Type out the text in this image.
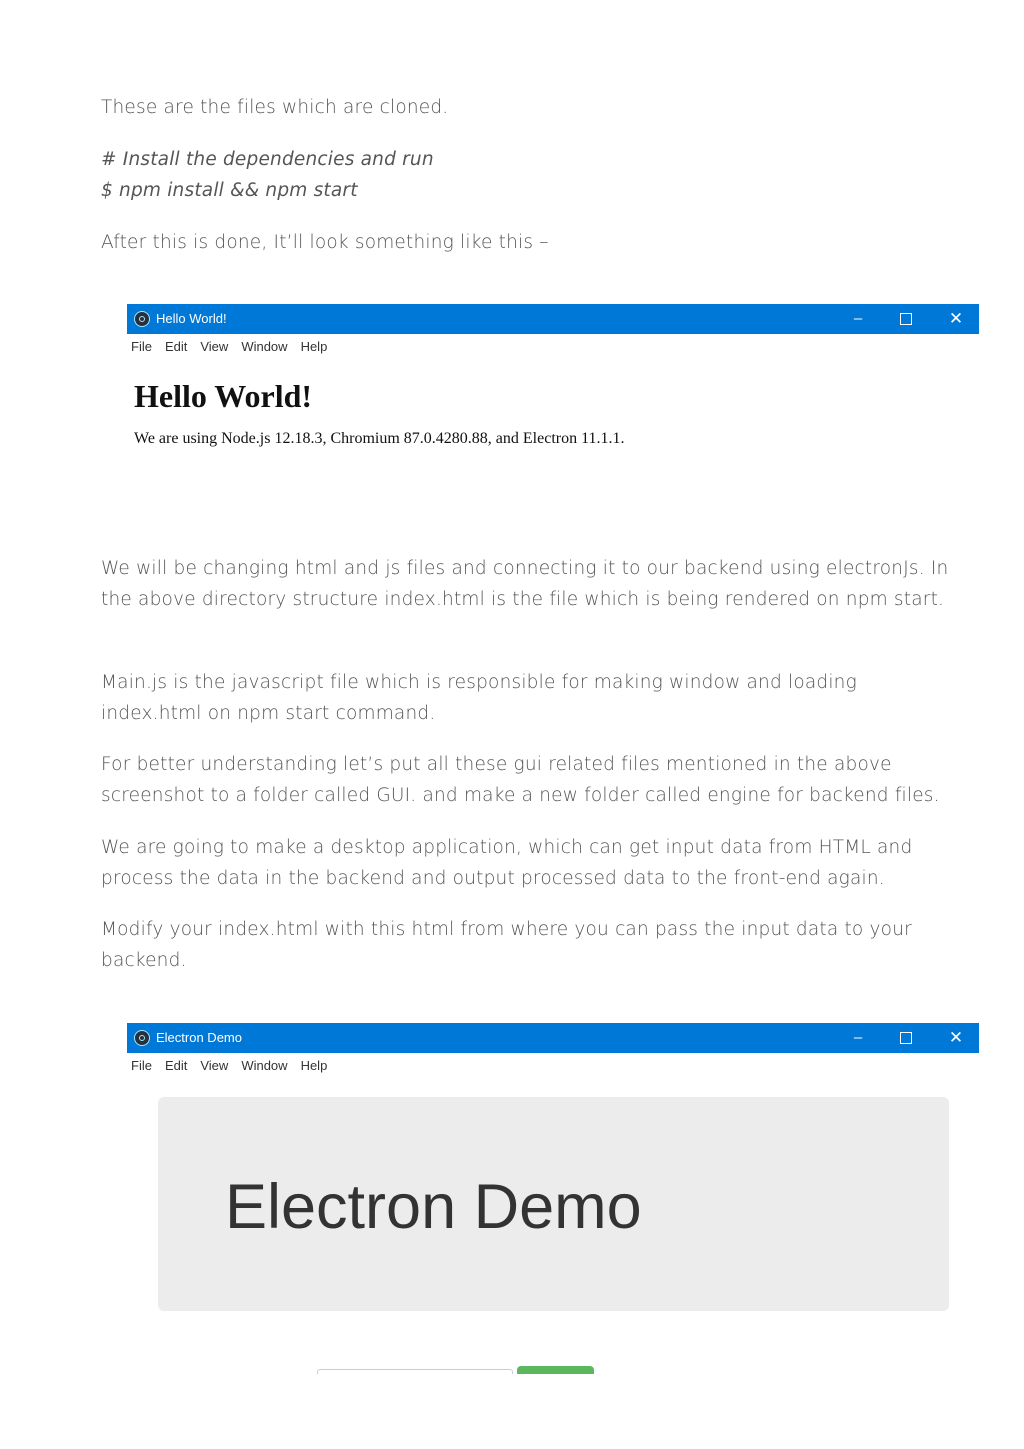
These are the files which are cloned.

# Install the dependencies and run

$ npm install && npm start

After this is done, It’ll look something like this –

We will be changing html and js files and connecting it to our backend using electronJs. In the above directory structure index.html is the file which is being rendered on npm start.

Main.js is the javascript file which is responsible for making window and loading index.html on npm start command.

For better understanding let’s put all these gui related files mentioned in the above screenshot to a folder called GUI. and make a new folder called engine for backend files.

We are going to make a desktop application, which can get input data from HTML and process the data in the backend and output processed data to the front-end again.

Modify your index.html with this html from where you can pass the input data to your backend.

Hello World!	–	✕
File Edit View Window Help
Hello World!

We are using Node.js 12.18.3, Chromium 87.0.4280.88, and Electron 11.1.1.

Electron Demo	–	✕
File Edit View Window Help
Electron Demo
